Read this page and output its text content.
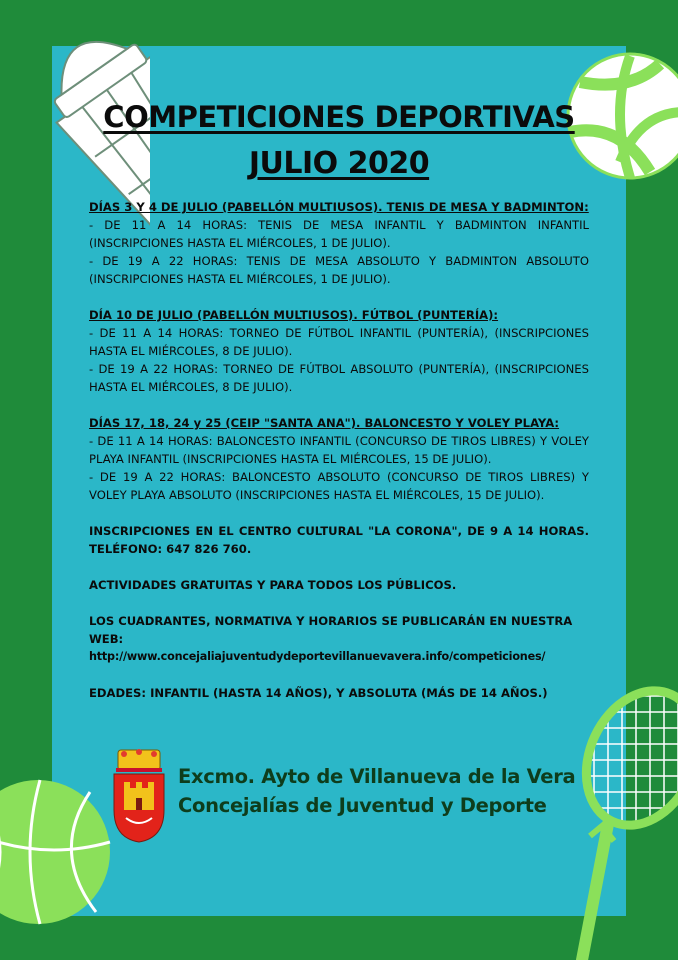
COMPETICIONES DEPORTIVAS
JULIO 2020
DÍAS 3 Y 4 DE JULIO (PABELLÓN MULTIUSOS). TENIS DE MESA Y BADMINTON:
- DE 11 A 14 HORAS: TENIS DE MESA INFANTIL Y BADMINTON INFANTIL (INSCRIPCIONES HASTA EL MIÉRCOLES, 1 DE JULIO).
- DE 19 A 22 HORAS: TENIS DE MESA ABSOLUTO Y BADMINTON ABSOLUTO (INSCRIPCIONES HASTA EL MIÉRCOLES, 1 DE JULIO).
DÍA 10 DE JULIO (PABELLÓN MULTIUSOS). FÚTBOL (PUNTERÍA):
- DE 11 A 14 HORAS: TORNEO DE FÚTBOL INFANTIL (PUNTERÍA), (INSCRIPCIONES HASTA EL MIÉRCOLES, 8 DE JULIO).
- DE 19 A 22 HORAS: TORNEO DE FÚTBOL ABSOLUTO (PUNTERÍA), (INSCRIPCIONES HASTA EL MIÉRCOLES, 8 DE JULIO).
DÍAS 17, 18, 24 y 25 (CEIP "SANTA ANA"). BALONCESTO Y VOLEY PLAYA:
- DE 11 A 14 HORAS: BALONCESTO INFANTIL (CONCURSO DE TIROS LIBRES) Y VOLEY PLAYA INFANTIL (INSCRIPCIONES HASTA EL MIÉRCOLES, 15 DE JULIO).
- DE 19 A 22 HORAS: BALONCESTO ABSOLUTO (CONCURSO DE TIROS LIBRES) Y VOLEY PLAYA ABSOLUTO (INSCRIPCIONES HASTA EL MIÉRCOLES, 15 DE JULIO).
INSCRIPCIONES EN EL CENTRO CULTURAL "LA CORONA", DE 9 A 14 HORAS. TELÉFONO: 647 826 760.
ACTIVIDADES GRATUITAS Y PARA TODOS LOS PÚBLICOS.
LOS CUADRANTES, NORMATIVA Y HORARIOS SE PUBLICARÁN EN NUESTRA WEB:
http://www.concejaliajuventudydeportevillanuevavera.info/competiciones/
EDADES: INFANTIL (HASTA 14 AÑOS), Y ABSOLUTA (MÁS DE 14 AÑOS.)
Excmo. Ayto de Villanueva de la Vera
Concejalías de Juventud y Deporte
